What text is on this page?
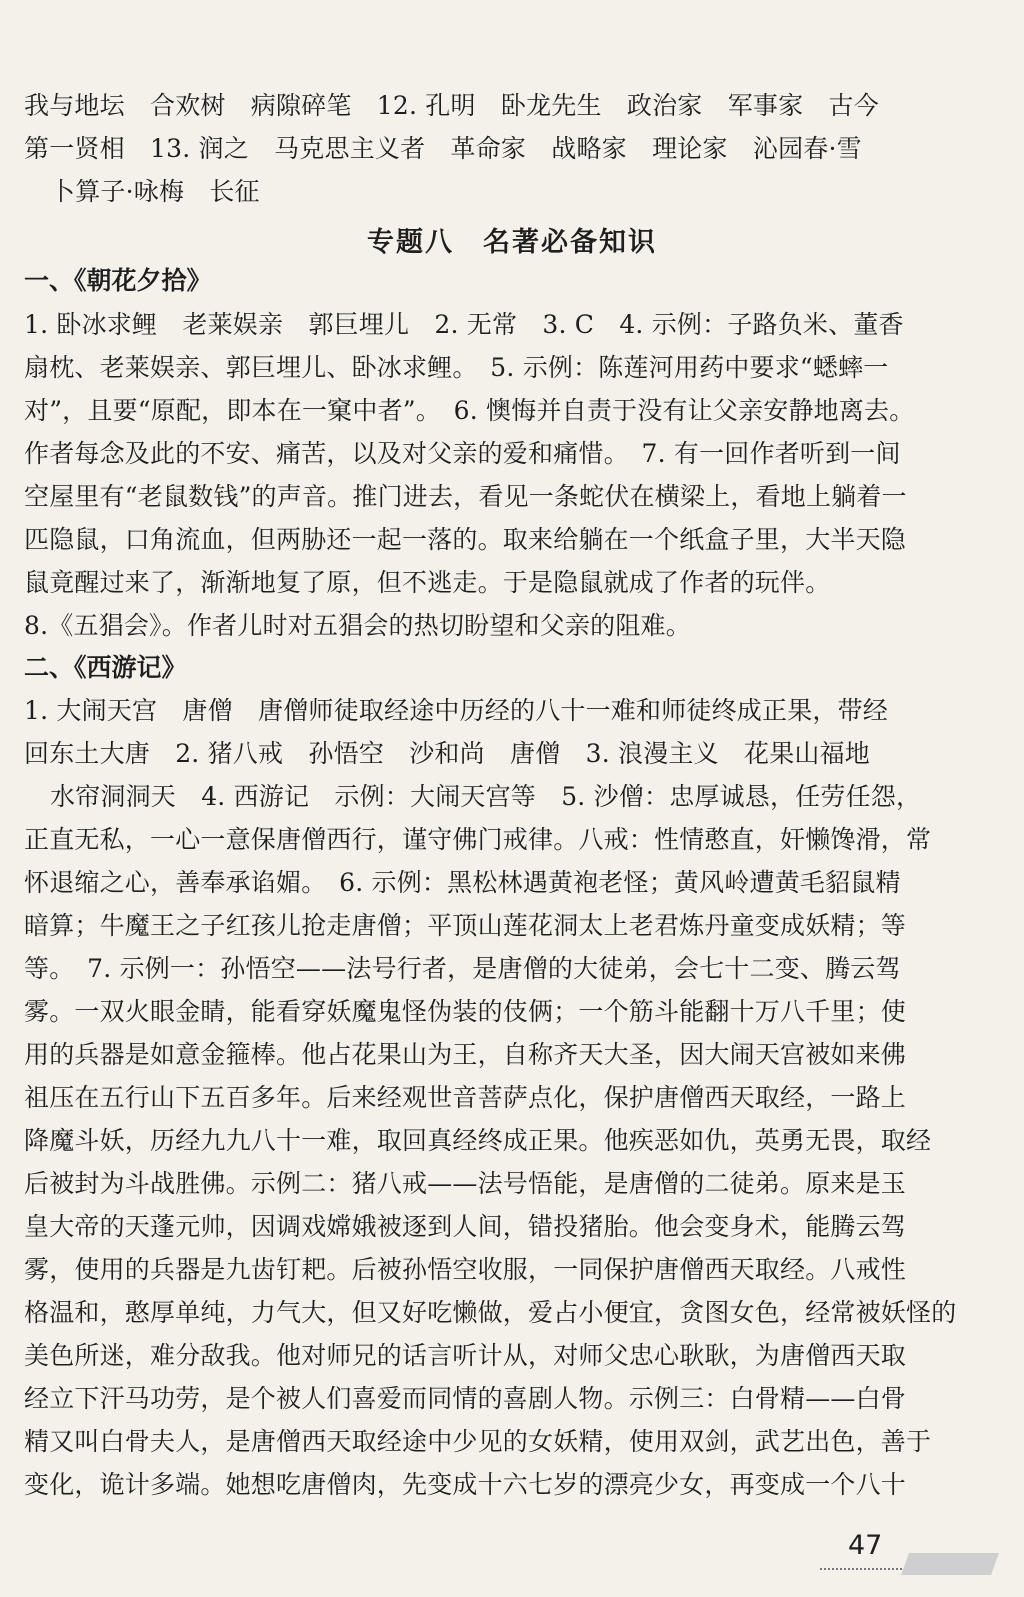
我与地坛　合欢树　病隙碎笔　12. 孔明　卧龙先生　政治家　军事家　古今
第一贤相　13. 润之　马克思主义者　革命家　战略家　理论家　沁园春·雪
卜算子·咏梅　长征
专题八　名著必备知识
一、《朝花夕拾》
1. 卧冰求鲤　老莱娱亲　郭巨埋儿　2. 无常　3. C　4. 示例：子路负米、董香
扇枕、老莱娱亲、郭巨埋儿、卧冰求鲤。　5. 示例：陈莲河用药中要求“蟋蟀一
对”，且要“原配，即本在一窠中者”。　6. 懊悔并自责于没有让父亲安静地离去。
作者每念及此的不安、痛苦，以及对父亲的爱和痛惜。　7. 有一回作者听到一间
空屋里有“老鼠数钱”的声音。推门进去，看见一条蛇伏在横梁上，看地上躺着一
匹隐鼠，口角流血，但两胁还一起一落的。取来给躺在一个纸盒子里，大半天隐
鼠竟醒过来了，渐渐地复了原，但不逃走。于是隐鼠就成了作者的玩伴。
8.《五猖会》。作者儿时对五猖会的热切盼望和父亲的阻难。
二、《西游记》
1. 大闹天宫　唐僧　唐僧师徒取经途中历经的八十一难和师徒终成正果，带经
回东土大唐　2. 猪八戒　孙悟空　沙和尚　唐僧　3. 浪漫主义　花果山福地
水帘洞洞天　4. 西游记　示例：大闹天宫等　5. 沙僧：忠厚诚恳，任劳任怨，
正直无私，一心一意保唐僧西行，谨守佛门戒律。八戒：性情憨直，奸懒馋滑，常
怀退缩之心，善奉承谄媚。　6. 示例：黑松林遇黄袍老怪；黄风岭遭黄毛貂鼠精
暗算；牛魔王之子红孩儿抢走唐僧；平顶山莲花洞太上老君炼丹童变成妖精；等
等。　7. 示例一：孙悟空——法号行者，是唐僧的大徒弟，会七十二变、腾云驾
雾。一双火眼金睛，能看穿妖魔鬼怪伪装的伎俩；一个筋斗能翻十万八千里；使
用的兵器是如意金箍棒。他占花果山为王，自称齐天大圣，因大闹天宫被如来佛
祖压在五行山下五百多年。后来经观世音菩萨点化，保护唐僧西天取经，一路上
降魔斗妖，历经九九八十一难，取回真经终成正果。他疾恶如仇，英勇无畏，取经
后被封为斗战胜佛。示例二：猪八戒——法号悟能，是唐僧的二徒弟。原来是玉
皇大帝的天蓬元帅，因调戏嫦娥被逐到人间，错投猪胎。他会变身术，能腾云驾
雾，使用的兵器是九齿钉耙。后被孙悟空收服，一同保护唐僧西天取经。八戒性
格温和，憨厚单纯，力气大，但又好吃懒做，爱占小便宜，贪图女色，经常被妖怪的
美色所迷，难分敌我。他对师兄的话言听计从，对师父忠心耿耿，为唐僧西天取
经立下汗马功劳，是个被人们喜爱而同情的喜剧人物。示例三：白骨精——白骨
精又叫白骨夫人，是唐僧西天取经途中少见的女妖精，使用双剑，武艺出色，善于
变化，诡计多端。她想吃唐僧肉，先变成十六七岁的漂亮少女，再变成一个八十
47
